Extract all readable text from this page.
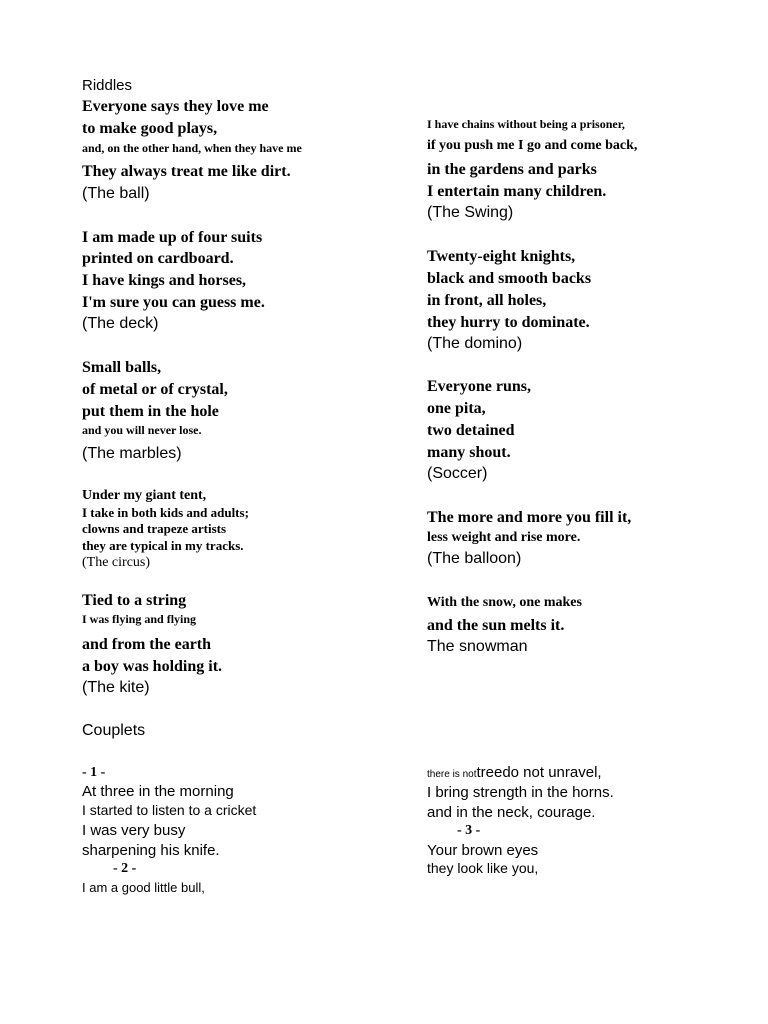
Riddles
Everyone says they love me
to make good plays,
and, on the other hand, when they have me
They always treat me like dirt.
(The ball)
I am made up of four suits
printed on cardboard.
I have kings and horses,
I'm sure you can guess me.
(The deck)
Small balls,
of metal or of crystal,
put them in the hole
and you will never lose.
(The marbles)
Under my giant tent,
I take in both kids and adults;
clowns and trapeze artists
they are typical in my tracks.
(The circus)
Tied to a string
I was flying and flying
and from the earth
a boy was holding it.
(The kite)
Couplets
- 1 -
At three in the morning
I started to listen to a cricket
I was very busy
sharpening his knife.
- 2 -
I am a good little bull,
I have chains without being a prisoner,
if you push me I go and come back,
in the gardens and parks
I entertain many children.
(The Swing)
Twenty-eight knights,
black and smooth backs
in front, all holes,
they hurry to dominate.
(The domino)
Everyone runs,
one pita,
two detained
many shout.
(Soccer)
The more and more you fill it,
less weight and rise more.
(The balloon)
With the snow, one makes
and the sun melts it.
The snowman
there is nottreedo not unravel,
I bring strength in the horns.
and in the neck, courage.
- 3 -
Your brown eyes
they look like you,
